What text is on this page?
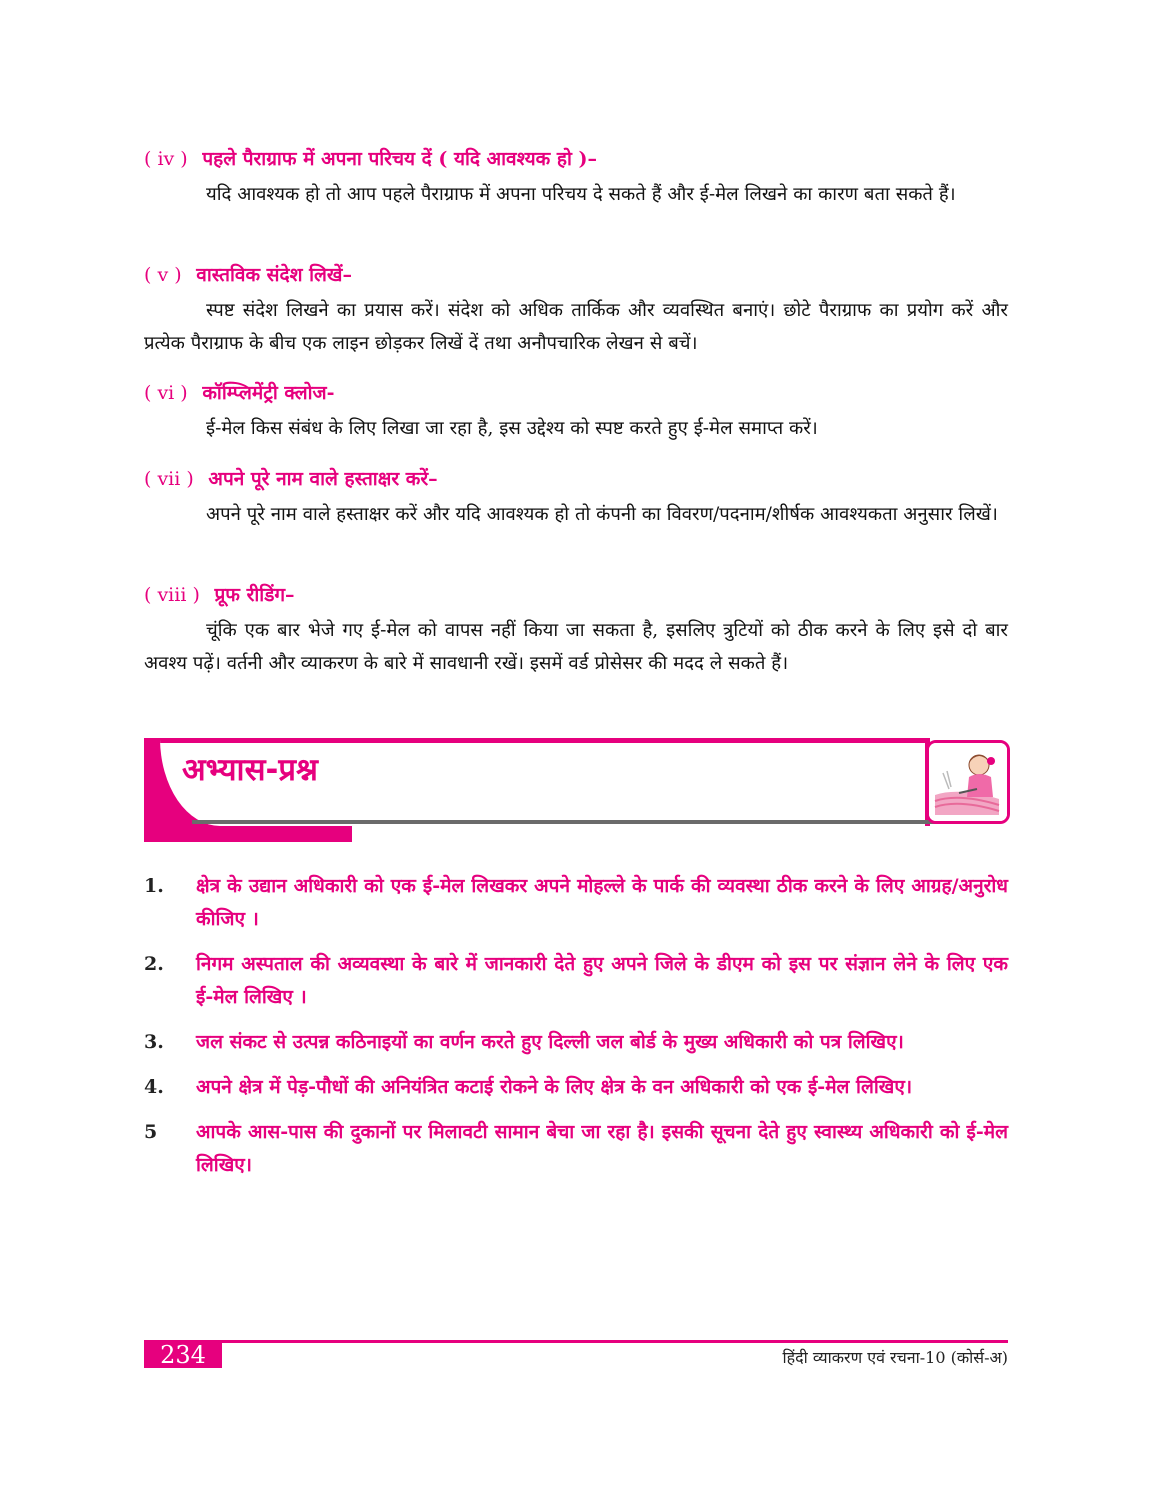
( iv ) पहले पैराग्राफ में अपना परिचय दें ( यदि आवश्यक हो )–
यदि आवश्यक हो तो आप पहले पैराग्राफ में अपना परिचय दे सकते हैं और ई-मेल लिखने का कारण बता सकते हैं।
( v ) वास्तविक संदेश लिखें–
स्पष्ट संदेश लिखने का प्रयास करें। संदेश को अधिक तार्किक और व्यवस्थित बनाएं। छोटे पैराग्राफ का प्रयोग करें और प्रत्येक पैराग्राफ के बीच एक लाइन छोड़कर लिखें दें तथा अनौपचारिक लेखन से बचें।
( vi ) कॉम्प्लिमेंट्री क्लोज-
ई-मेल किस संबंध के लिए लिखा जा रहा है, इस उद्देश्य को स्पष्ट करते हुए ई-मेल समाप्त करें।
( vii ) अपने पूरे नाम वाले हस्ताक्षर करें–
अपने पूरे नाम वाले हस्ताक्षर करें और यदि आवश्यक हो तो कंपनी का विवरण/पदनाम/शीर्षक आवश्यकता अनुसार लिखें।
( viii ) प्रूफ रीडिंग–
चूंकि एक बार भेजे गए ई-मेल को वापस नहीं किया जा सकता है, इसलिए त्रुटियों को ठीक करने के लिए इसे दो बार अवश्य पढ़ें। वर्तनी और व्याकरण के बारे में सावधानी रखें। इसमें वर्ड प्रोसेसर की मदद ले सकते हैं।
अभ्यास-प्रश्न
1.	क्षेत्र के उद्यान अधिकारी को एक ई-मेल लिखकर अपने मोहल्ले के पार्क की व्यवस्था ठीक करने के लिए आग्रह/अनुरोध कीजिए ।
2.	निगम अस्पताल की अव्यवस्था के बारे में जानकारी देते हुए अपने जिले के डीएम को इस पर संज्ञान लेने के लिए एक ई-मेल लिखिए ।
3.	जल संकट से उत्पन्न कठिनाइयों का वर्णन करते हुए दिल्ली जल बोर्ड के मुख्य अधिकारी को पत्र लिखिए।
4.	अपने क्षेत्र में पेड़-पौधों की अनियंत्रित कटाई रोकने के लिए क्षेत्र के वन अधिकारी को एक ई-मेल लिखिए।
5	आपके आस-पास की दुकानों पर मिलावटी सामान बेचा जा रहा है। इसकी सूचना देते हुए स्वास्थ्य अधिकारी को ई-मेल लिखिए।
234	हिंदी व्याकरण एवं रचना-10 (कोर्स-अ)
